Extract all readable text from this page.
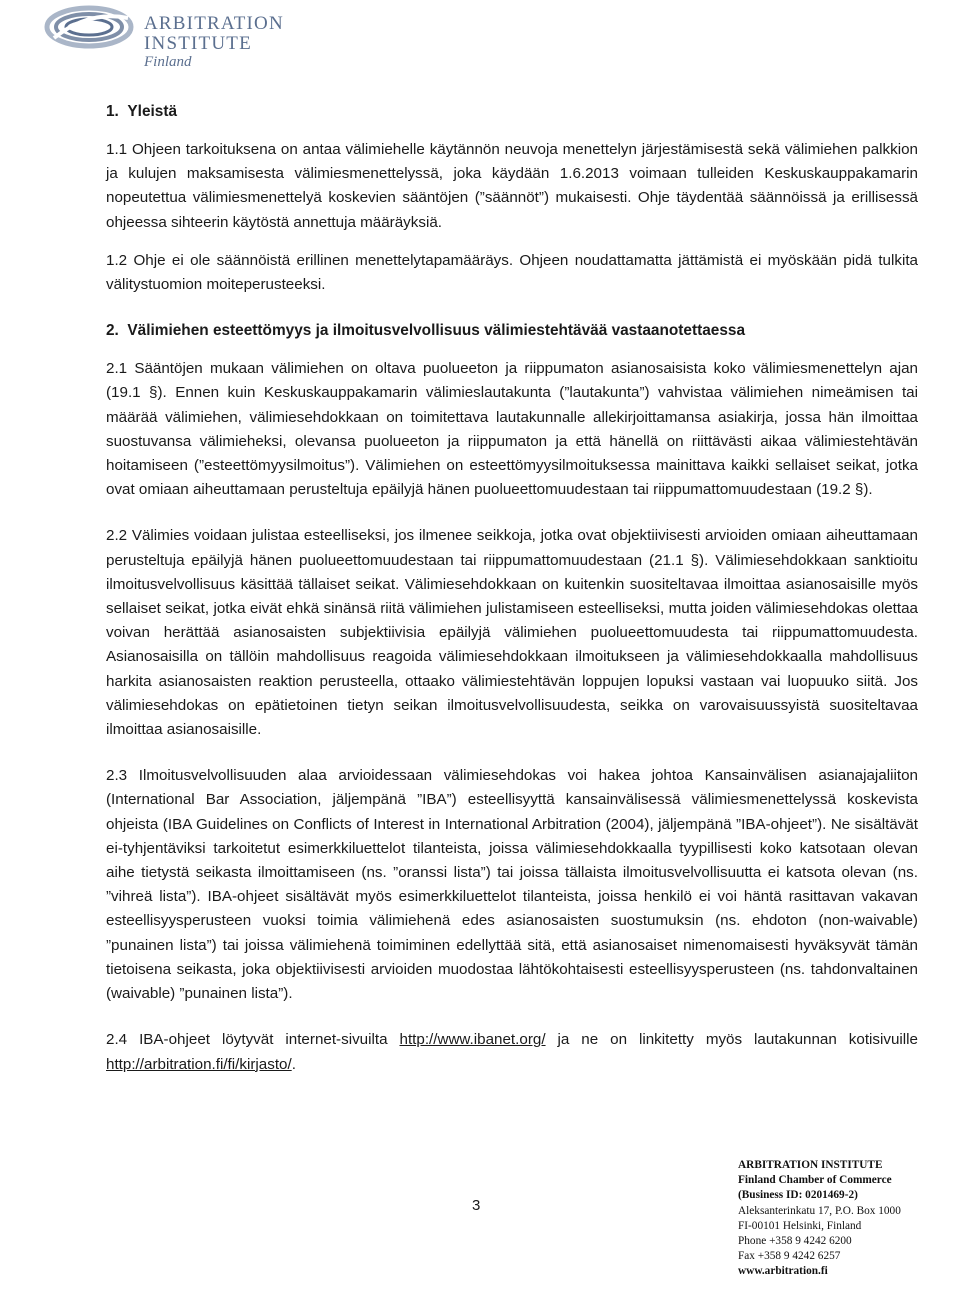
ARBITRATION INSTITUTE
Finland
1. Yleistä

1.1 Ohjeen tarkoituksena on antaa välimiehelle käytännön neuvoja menettelyn järjestämisestä sekä välimiehen palkkion ja kulujen maksamisesta välimiesmenettelyssä, joka käydään 1.6.2013 voimaan tulleiden Keskuskauppakamarin nopeutettua välimiesmenettelyä koskevien sääntöjen (”säännöt”) mukaisesti. Ohje täydentää säännöissä ja erillisessä ohjeessa sihteerin käytöstä annettuja määräyksiä.

1.2 Ohje ei ole säännöistä erillinen menettelytapamääräys. Ohjeen noudattamatta jättämistä ei myöskään pidä tulkita välitystuomion moiteperusteeksi.

2. Välimiehen esteettömyys ja ilmoitusvelvollisuus välimiestehtävää vastaanotettaessa

2.1 Sääntöjen mukaan välimiehen on oltava puolueeton ja riippumaton asianosaisista koko välimiesmenettelyn ajan (19.1 §). Ennen kuin Keskuskauppakamarin välimieslautakunta (”lautakunta”) vahvistaa välimiehen nimeämisen tai määrää välimiehen, välimiesehdokkaan on toimitettava lautakunnalle allekirjoittamansa asiakirja, jossa hän ilmoittaa suostuvansa välimieheksi, olevansa puolueeton ja riippumaton ja että hänellä on riittävästi aikaa välimiestehtävän hoitamiseen (”esteettömyysilmoitus”). Välimiehen on esteettömyysilmoituksessa mainittava kaikki sellaiset seikat, jotka ovat omiaan aiheuttamaan perusteltuja epäilyjä hänen puolueettomuudestaan tai riippumattomuudestaan (19.2 §).

2.2 Välimies voidaan julistaa esteelliseksi, jos ilmenee seikkoja, jotka ovat objektiivisesti arvioiden omiaan aiheuttamaan perusteltuja epäilyjä hänen puolueettomuudestaan tai riippumattomuudestaan (21.1 §). Välimiesehdokkaan sanktioitu ilmoitusvelvollisuus käsittää tällaiset seikat. Välimiesehdokkaan on kuitenkin suositeltavaa ilmoittaa asianosaisille myös sellaiset seikat, jotka eivät ehkä sinänsä riitä välimiehen julistamiseen esteelliseksi, mutta joiden välimiesehdokas olettaa voivan herättää asianosaisten subjektiivisia epäilyjä välimiehen puolueettomuudesta tai riippumattomuudesta. Asianosaisilla on tällöin mahdollisuus reagoida välimiesehdokkaan ilmoitukseen ja välimiesehdokkaalla mahdollisuus harkita asianosaisten reaktion perusteella, ottaako välimiestehtävän loppujen lopuksi vastaan vai luopuuko siitä. Jos välimiesehdokas on epätietoinen tietyn seikan ilmoitusvelvollisuudesta, seikka on varovaisuussyistä suositeltavaa ilmoittaa asianosaisille.

2.3 Ilmoitusvelvollisuuden alaa arvioidessaan välimiesehdokas voi hakea johtoa Kansainvälisen asianajajaliiton (International Bar Association, jäljempänä ”IBA”) esteellisyyttä kansainvälisessä välimiesmenettelyssä koskevista ohjeista (IBA Guidelines on Conflicts of Interest in International Arbitration (2004), jäljempänä ”IBA-ohjeet”). Ne sisältävät ei-tyhjentäviksi tarkoitetut esimerkkiluettelot tilanteista, joissa välimiesehdokkaalla tyypillisesti koko katsotaan olevan aihe tietystä seikasta ilmoittamiseen (ns. ”oranssi lista”) tai joissa tällaista ilmoitusvelvollisuutta ei katsota olevan (ns. ”vihreä lista”). IBA-ohjeet sisältävät myös esimerkkiluettelot tilanteista, joissa henkilö ei voi häntä rasittavan vakavan esteellisyysperusteen vuoksi toimia välimiehenä edes asianosaisten suostumuksin (ns. ehdoton (non-waivable) ”punainen lista”) tai joissa välimiehenä toimiminen edellyttää sitä, että asianosaiset nimenomaisesti hyväksyvät tämän tietoisena seikasta, joka objektiivisesti arvioiden muodostaa lähtökohtaisesti esteellisyysperusteen (ns. tahdonvaltainen (waivable) ”punainen lista”).

2.4 IBA-ohjeet löytyvät internet-sivuilta http://www.ibanet.org/ ja ne on linkitetty myös lautakunnan kotisivuille http://arbitration.fi/fi/kirjasto/.

3
ARBITRATION INSTITUTE
Finland Chamber of Commerce
(Business ID: 0201469-2)
Aleksanterinkatu 17, P.O. Box 1000
FI-00101 Helsinki, Finland
Phone +358 9 4242 6200
Fax +358 9 4242 6257
www.arbitration.fi
